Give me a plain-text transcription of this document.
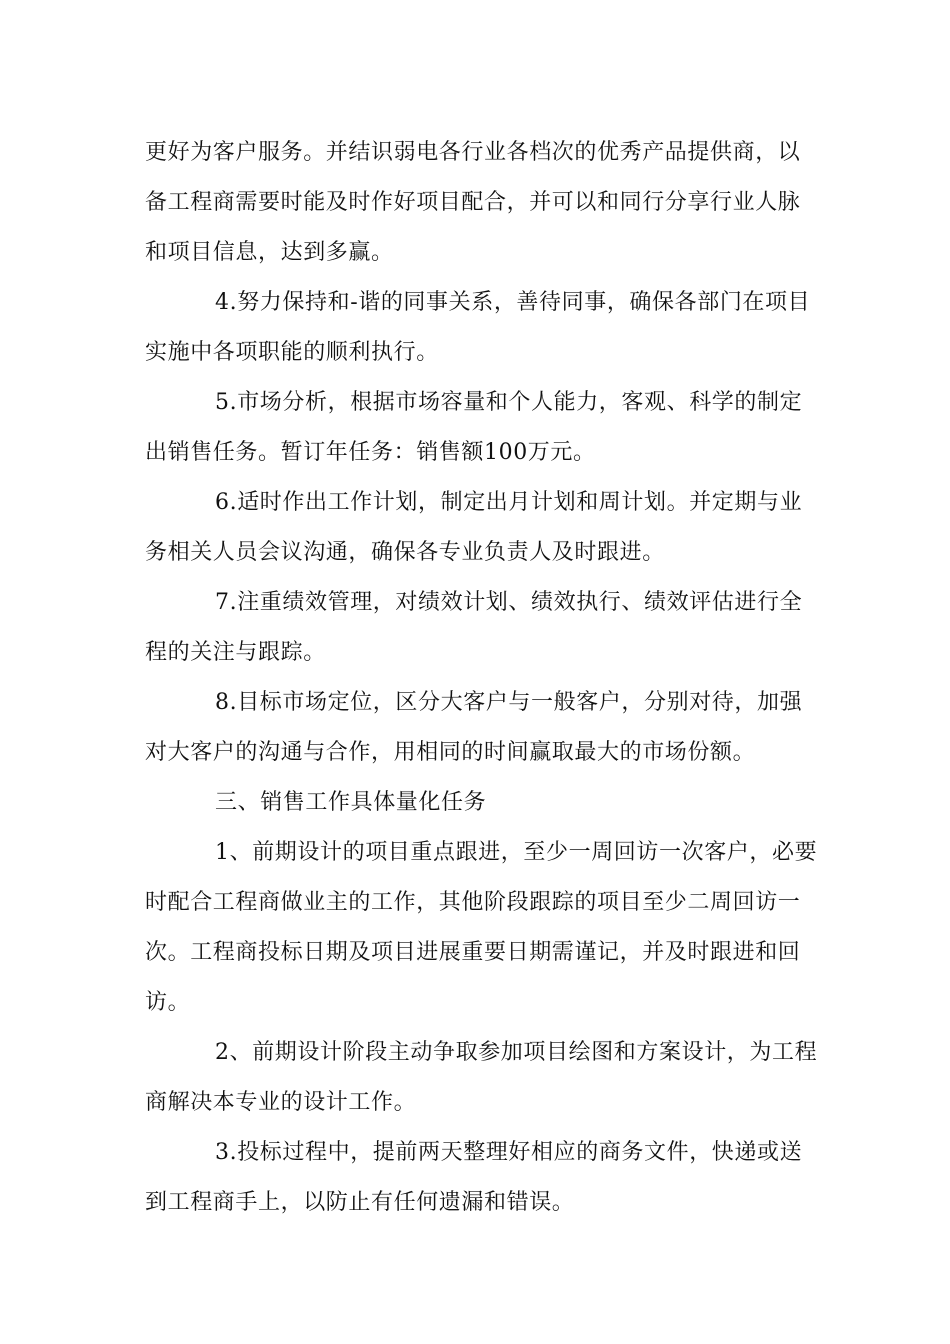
更好为客户服务。并结识弱电各行业各档次的优秀产品提供商，以
备工程商需要时能及时作好项目配合，并可以和同行分享行业人脉
和项目信息，达到多赢。
4.努力保持和-谐的同事关系，善待同事，确保各部门在项目
实施中各项职能的顺利执行。
5.市场分析，根据市场容量和个人能力，客观、科学的制定
出销售任务。暂订年任务：销售额100万元。
6.适时作出工作计划，制定出月计划和周计划。并定期与业
务相关人员会议沟通，确保各专业负责人及时跟进。
7.注重绩效管理，对绩效计划、绩效执行、绩效评估进行全
程的关注与跟踪。
8.目标市场定位，区分大客户与一般客户，分别对待，加强
对大客户的沟通与合作，用相同的时间赢取最大的市场份额。
三、销售工作具体量化任务
1、前期设计的项目重点跟进，至少一周回访一次客户，必要
时配合工程商做业主的工作，其他阶段跟踪的项目至少二周回访一
次。工程商投标日期及项目进展重要日期需谨记，并及时跟进和回
访。
2、前期设计阶段主动争取参加项目绘图和方案设计，为工程
商解决本专业的设计工作。
3.投标过程中，提前两天整理好相应的商务文件，快递或送
到工程商手上，以防止有任何遗漏和错误。
